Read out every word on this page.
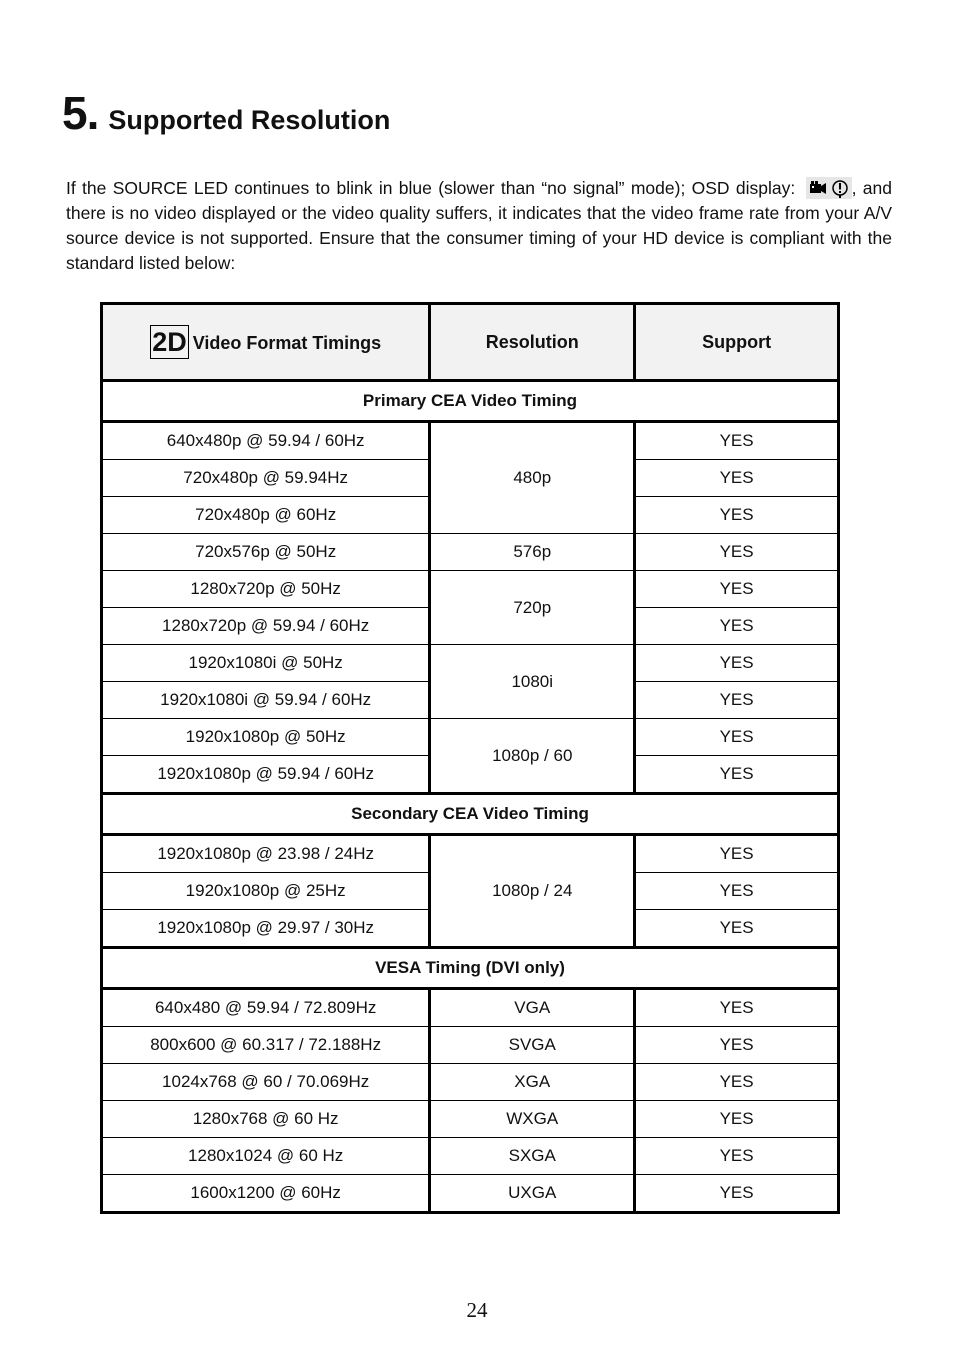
5. Supported Resolution

If the SOURCE LED continues to blink in blue (slower than “no signal” mode); OSD display:	, and there is no video displayed or the video quality suffers, it indicates that the video frame rate from your A/V source device is not supported. Ensure that the consumer timing of your HD device is compliant with the standard listed below:

2D Video Format Timings	Resolution	Support
Primary CEA Video Timing		
640x480p @ 59.94 / 60Hz	480p	YES
720x480p @ 59.94Hz		YES
720x480p @ 60Hz		YES
720x576p @ 50Hz	576p	YES
1280x720p @ 50Hz	720p	YES
1280x720p @ 59.94 / 60Hz		YES
1920x1080i @ 50Hz	1080i	YES
1920x1080i @ 59.94 / 60Hz		YES
1920x1080p @ 50Hz	1080p / 60	YES
1920x1080p @ 59.94 / 60Hz		YES
Secondary CEA Video Timing		
1920x1080p @ 23.98 / 24Hz	1080p / 24	YES
1920x1080p @ 25Hz		YES
1920x1080p @ 29.97 / 30Hz		YES
VESA Timing (DVI only)		
640x480 @ 59.94 / 72.809Hz	VGA	YES
800x600 @ 60.317 / 72.188Hz	SVGA	YES
1024x768 @ 60 / 70.069Hz	XGA	YES
1280x768 @ 60 Hz	WXGA	YES
1280x1024 @ 60 Hz	SXGA	YES
1600x1200 @ 60Hz	UXGA	YES
24
